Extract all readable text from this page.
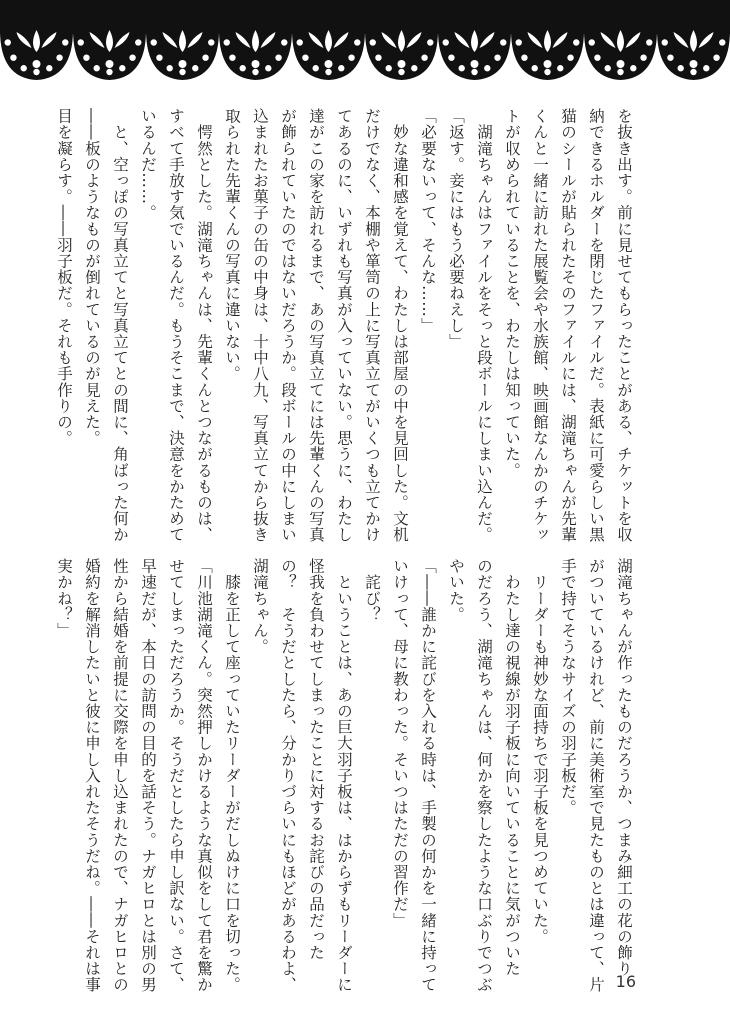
を抜き出す。前に見せてもらったことがある、チケットを収

納できるホルダーを閉じたファイルだ。表紙に可愛らしい黒

猫のシールが貼られたそのファイルには、湖滝ちゃんが先輩

くんと一緒に訪れた展覧会や水族館、映画館なんかのチケッ

トが収められていることを、わたしは知っていた。

　湖滝ちゃんはファイルをそっと段ボールにしまい込んだ。

「返す。妾にはもう必要ねえし」

「必要ないって、そんな……」

　妙な違和感を覚えて、わたしは部屋の中を見回した。文机

だけでなく、本棚や箪笥の上に写真立てがいくつも立てかけ

てあるのに、いずれも写真が入っていない。思うに、わたし

達がこの家を訪れるまで、あの写真立てには先輩くんの写真

が飾られていたのではないだろうか。段ボールの中にしまい

込まれたお菓子の缶の中身は、十中八九、写真立てから抜き

取られた先輩くんの写真に違いない。

　愕然とした。湖滝ちゃんは、先輩くんとつながるものは、

すべて手放す気でいるんだ。もうそこまで、決意をかためて

いるんだ……。

　と、空っぽの写真立てと写真立てとの間に、角ばった何か

――板のようなものが倒れているのが見えた。

目を凝らす。――羽子板だ。それも手作りの。

湖滝ちゃんが作ったものだろうか、つまみ細工の花の飾り

がついているけれど、前に美術室で見たものとは違って、片

手で持てそうなサイズの羽子板だ。

　リーダーも神妙な面持ちで羽子板を見つめていた。

　わたし達の視線が羽子板に向いていることに気がついた

のだろう、湖滝ちゃんは、何かを察したような口ぶりでつぶ

やいた。

「――誰かに詫びを入れる時は、手製の何かを一緒に持って

いけって、母に教わった。そいつはただの習作だ」

　詫び？

　ということは、あの巨大羽子板は、はからずもリーダーに

怪我を負わせてしまったことに対するお詫びの品だった

の？　そうだとしたら、分かりづらいにもほどがあるわよ、

湖滝ちゃん。

　膝を正して座っていたリーダーがだしぬけに口を切った。

「川池湖滝くん。突然押しかけるような真似をして君を驚か

せてしまっただろうか。そうだとしたら申し訳ない。さて、

早速だが、本日の訪問の目的を話そう。ナガヒロとは別の男

性から結婚を前提に交際を申し込まれたので、ナガヒロとの

婚約を解消したいと彼に申し入れたそうだね。――それは事

実かね？」

16
